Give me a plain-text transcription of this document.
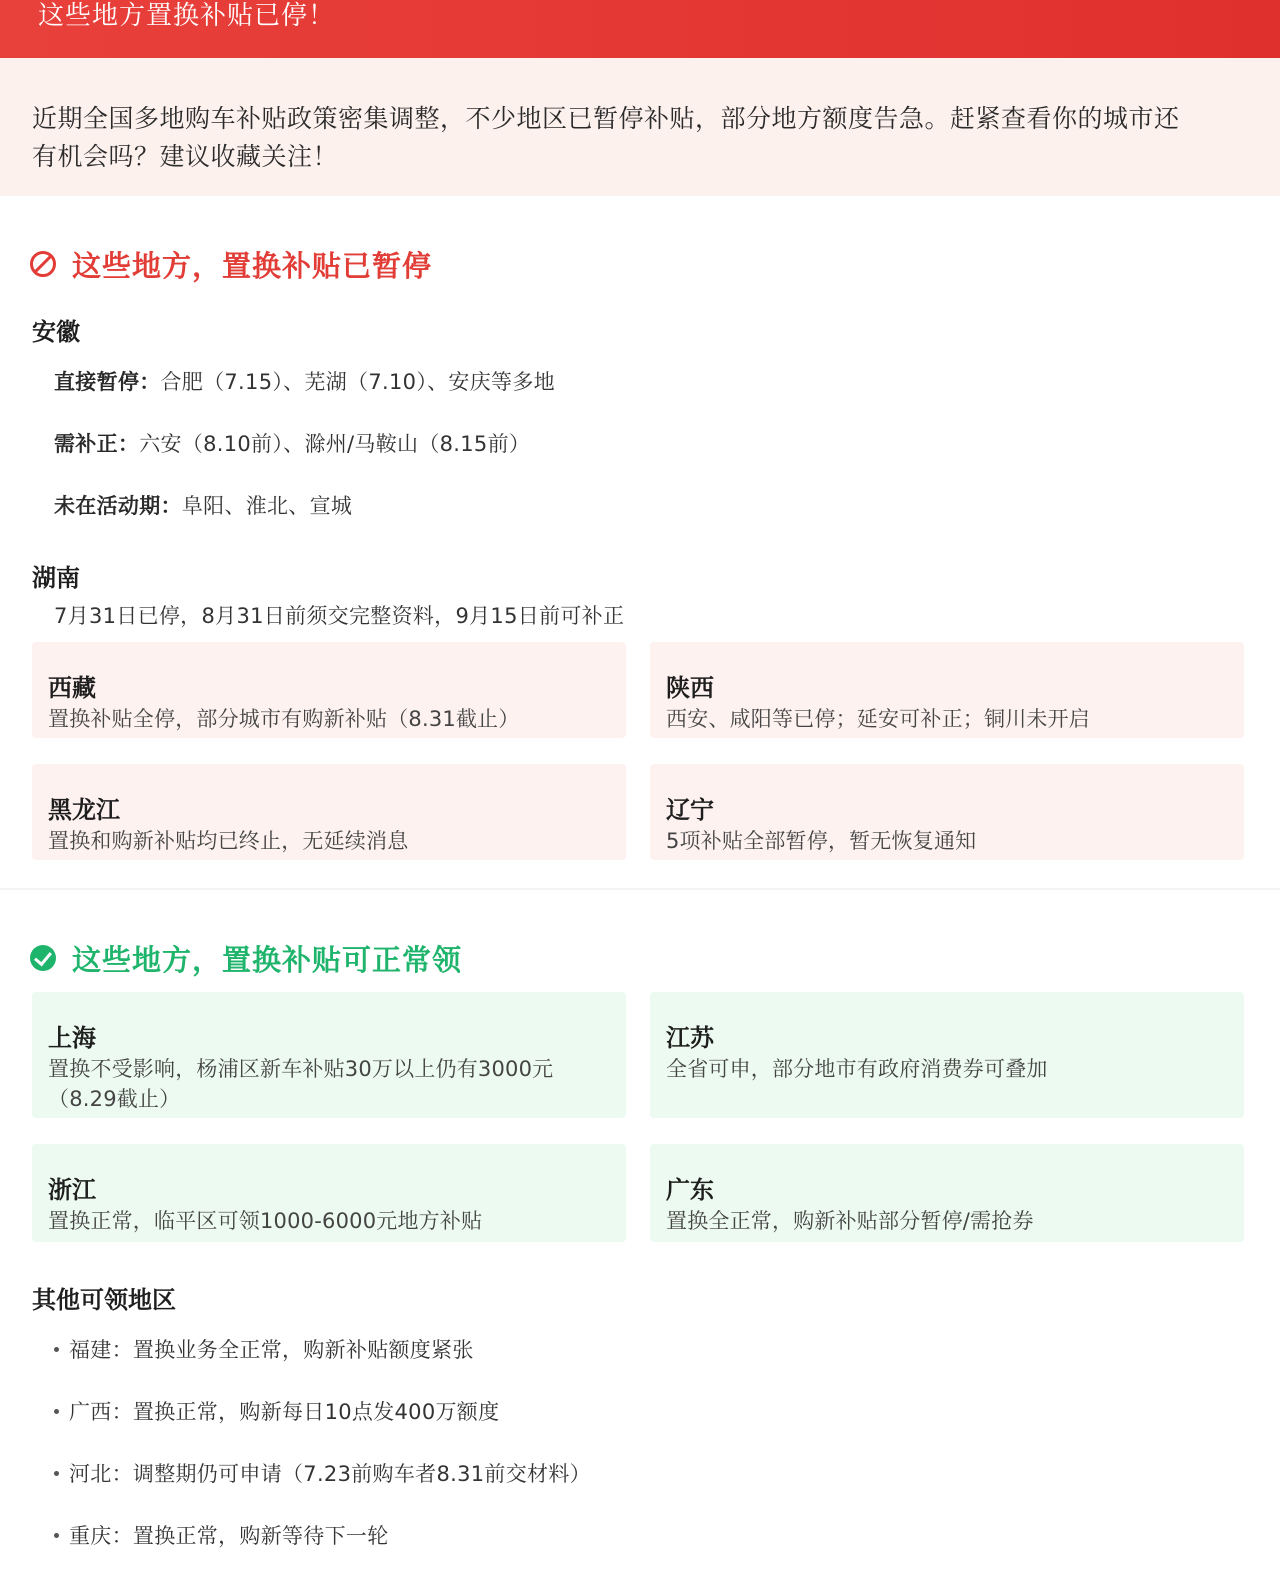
这些地方置换补贴已停！

近期全国多地购车补贴政策密集调整，不少地区已暂停补贴，部分地方额度告急。赶紧查看你的城市还
有机会吗？建议收藏关注！

这些地方，置换补贴已暂停
安徽
直接暂停：合肥（7.15）、芜湖（7.10）、安庆等多地
需补正：六安（8.10前）、滁州/马鞍山（8.15前）
未在活动期：阜阳、淮北、宣城
湖南
7月31日已停，8月31日前须交完整资料，9月15日前可补正
西藏
置换补贴全停，部分城市有购新补贴（8.31截止）
陕西
西安、咸阳等已停；延安可补正；铜川未开启
黑龙江
置换和购新补贴均已终止，无延续消息
辽宁
5项补贴全部暂停，暂无恢复通知
这些地方，置换补贴可正常领
上海
置换不受影响，杨浦区新车补贴30万以上仍有3000元
（8.29截止）
江苏
全省可申，部分地市有政府消费券可叠加
浙江
置换正常，临平区可领1000-6000元地方补贴
广东
置换全正常，购新补贴部分暂停/需抢券
其他可领地区
福建：置换业务全正常，购新补贴额度紧张
广西：置换正常，购新每日10点发400万额度
河北：调整期仍可申请（7.23前购车者8.31前交材料）
重庆：置换正常，购新等待下一轮
